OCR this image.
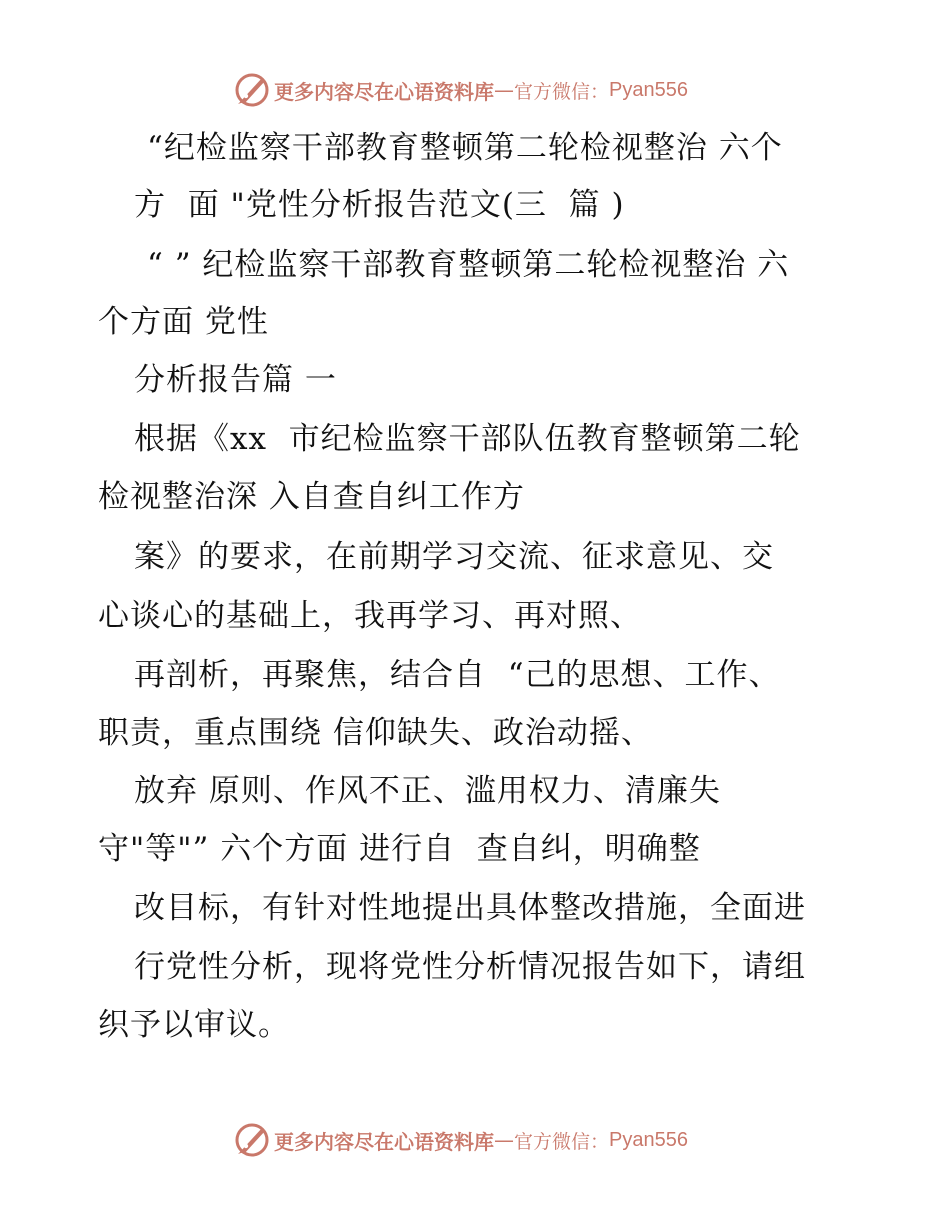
更多内容尽在心语资料库 — 官方微信： Pyan556
“纪检监察干部教育整顿第二轮检视整治 六个
方  面 "党性分析报告范文(三  篇 )
“ ” 纪检监察干部教育整顿第二轮检视整治 六
个方面 党性
分析报告篇 一
根据《xx  市纪检监察干部队伍教育整顿第二轮
检视整治深 入自查自纠工作方
案》的要求，在前期学习交流、征求意见、交
心谈心的基础上，我再学习、再对照、
再剖析，再聚焦，结合自  “己的思想、工作、
职责，重点围绕 信仰缺失、政治动摇、
放弃 原则、作风不正、滥用权力、清廉失
守"等"” 六个方面 进行自  查自纠，明确整
改目标，有针对性地提出具体整改措施，全面进
行党性分析，现将党性分析情况报告如下，请组
织予以审议。
更多内容尽在心语资料库 — 官方微信： Pyan556
